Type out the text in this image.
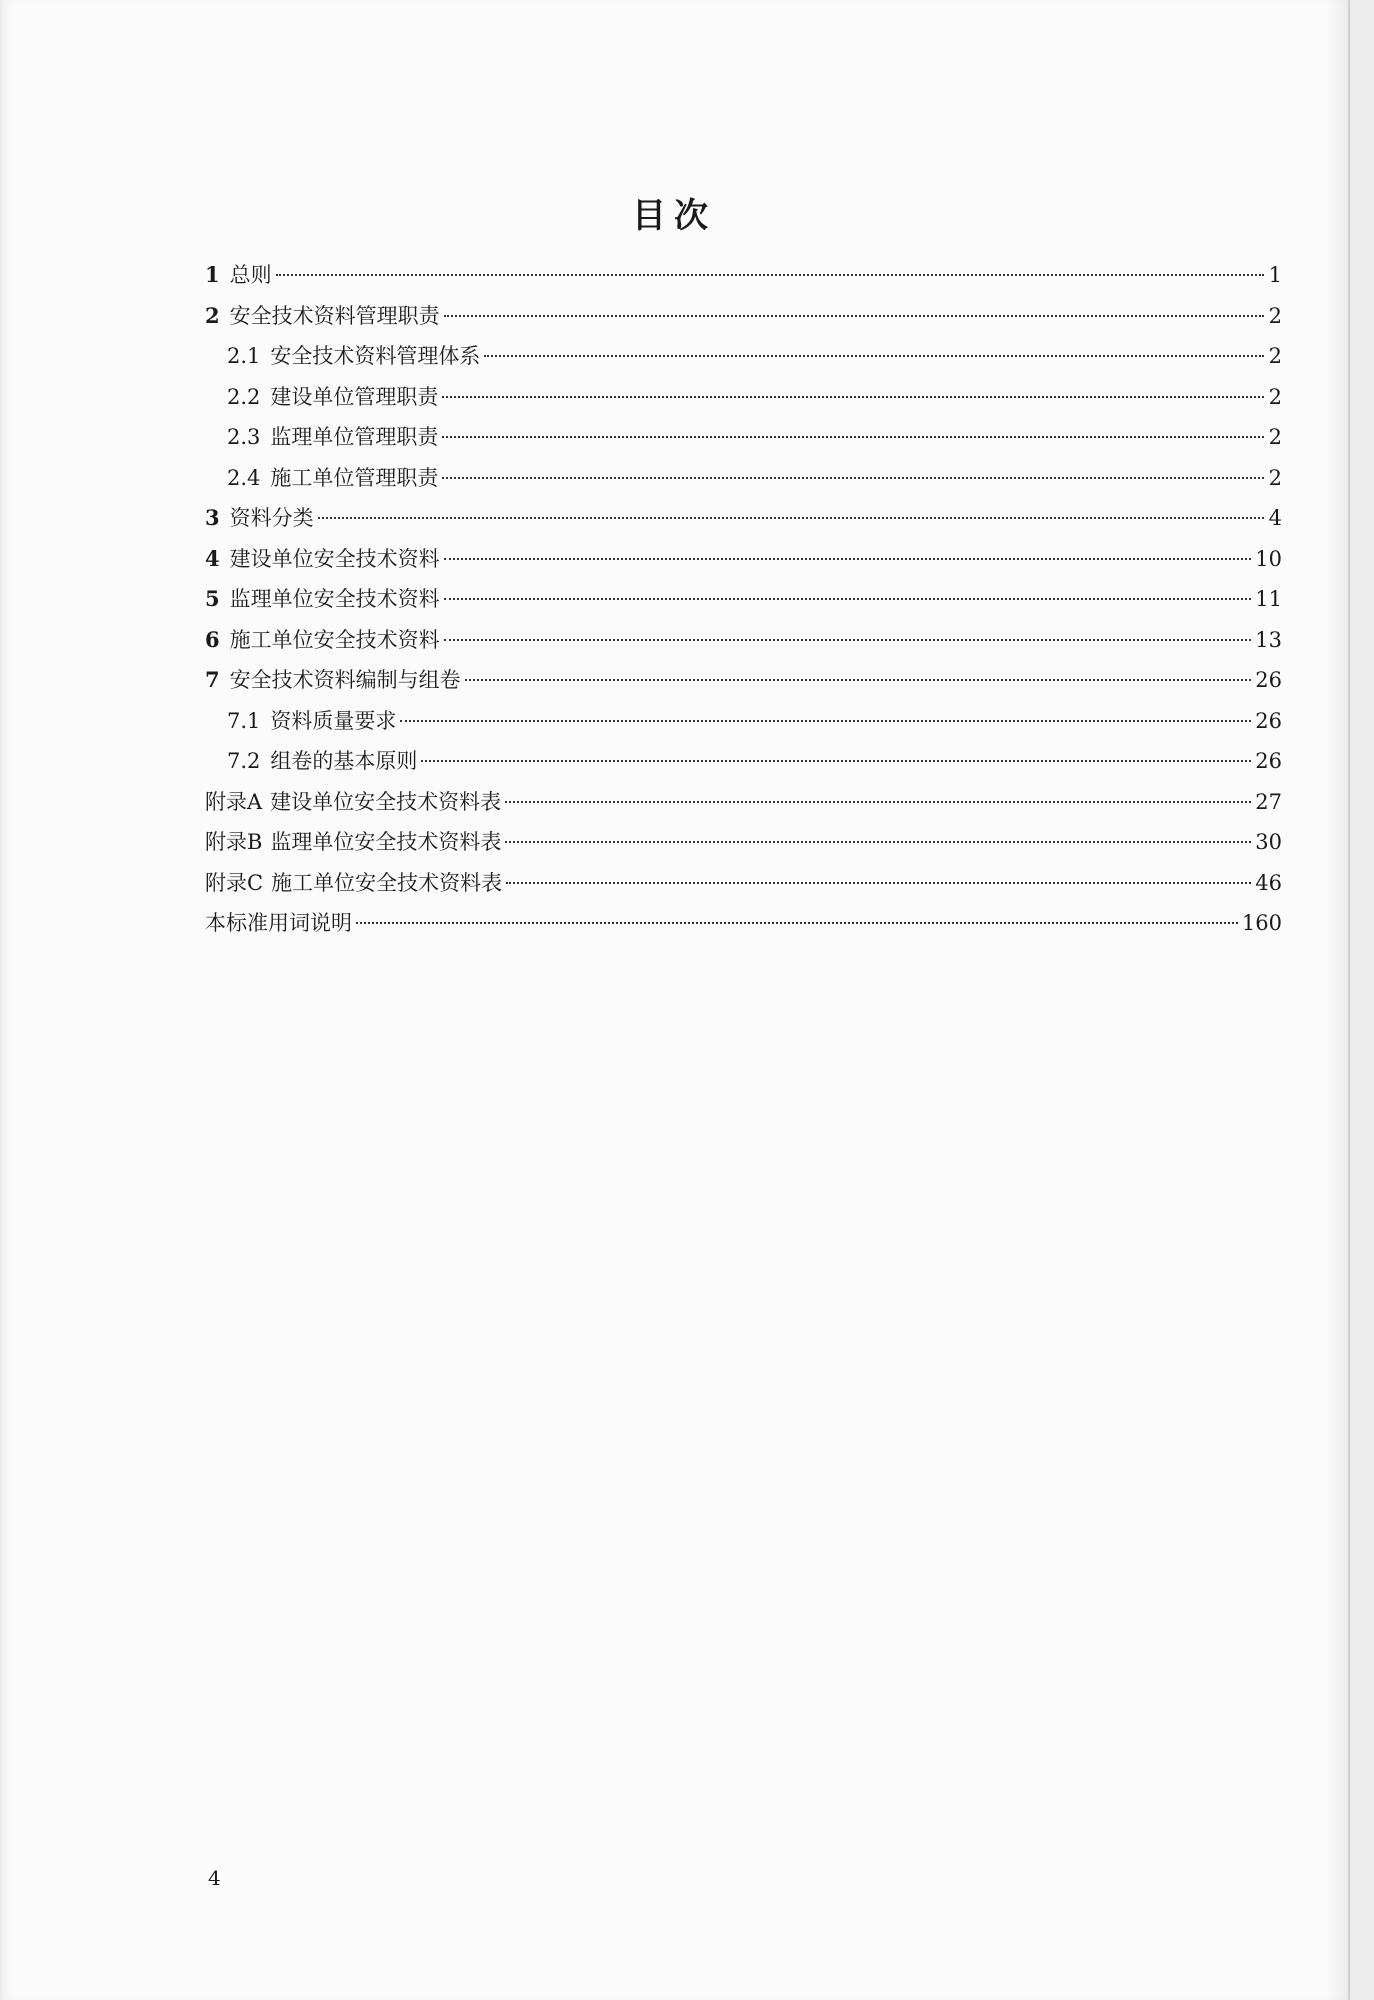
目次
1 总则	1
2 安全技术资料管理职责	2
2.1 安全技术资料管理体系	2
2.2 建设单位管理职责	2
2.3 监理单位管理职责	2
2.4 施工单位管理职责	2
3 资料分类	4
4 建设单位安全技术资料	10
5 监理单位安全技术资料	11
6 施工单位安全技术资料	13
7 安全技术资料编制与组卷	26
7.1 资料质量要求	26
7.2 组卷的基本原则	26
附录A 建设单位安全技术资料表	27
附录B 监理单位安全技术资料表	30
附录C 施工单位安全技术资料表	46
本标准用词说明	160
4
